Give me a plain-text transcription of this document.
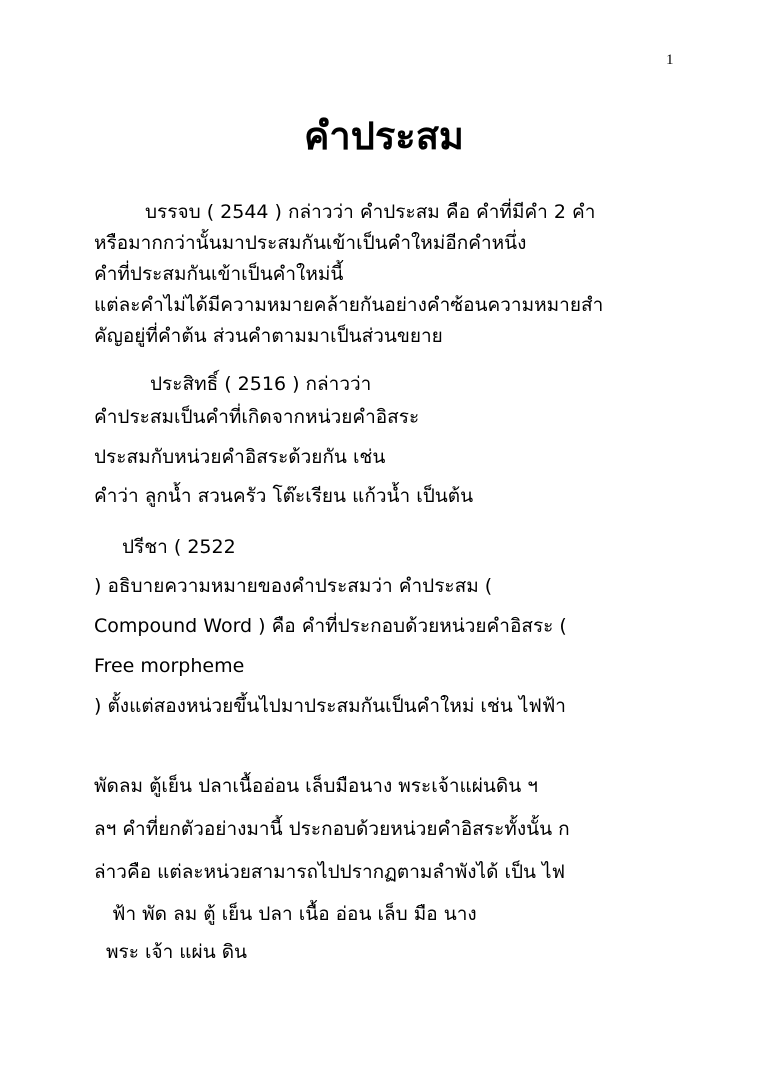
1
คำประสม
บรรจบ ( 2544 ) กล่าวว่า คำประสม คือ คำที่มีคำ 2 คำ
หรือมากกว่านั้นมาประสมกันเข้าเป็นคำใหม่อีกคำหนึ่ง
คำที่ประสมกันเข้าเป็นคำใหม่นี้
แต่ละคำไม่ได้มีความหมายคล้ายกันอย่างคำซ้อนความหมายสำ
คัญอยู่ที่คำต้น ส่วนคำตามมาเป็นส่วนขยาย
ประสิทธิ์ ( 2516 ) กล่าวว่า
คำประสมเป็นคำที่เกิดจากหน่วยคำอิสระ
ประสมกับหน่วยคำอิสระด้วยกัน เช่น
คำว่า ลูกน้ำ สวนครัว โต๊ะเรียน แก้วน้ำ เป็นต้น
ปรีชา ( 2522
) อธิบายความหมายของคำประสมว่า คำประสม (
Compound Word ) คือ คำที่ประกอบด้วยหน่วยคำอิสระ (
Free morpheme
) ตั้งแต่สองหน่วยขึ้นไปมาประสมกันเป็นคำใหม่ เช่น ไฟฟ้า
พัดลม ตู้เย็น ปลาเนื้ออ่อน เล็บมือนาง พระเจ้าแผ่นดิน ฯ
ลฯ คำที่ยกตัวอย่างมานี้ ประกอบด้วยหน่วยคำอิสระทั้งนั้น ก
ล่าวคือ แต่ละหน่วยสามารถไปปรากฏตามลำพังได้ เป็น ไฟ
ฟ้า พัด ลม ตู้ เย็น ปลา เนื้อ อ่อน เล็บ มือ นาง
พระ เจ้า แผ่น ดิน
